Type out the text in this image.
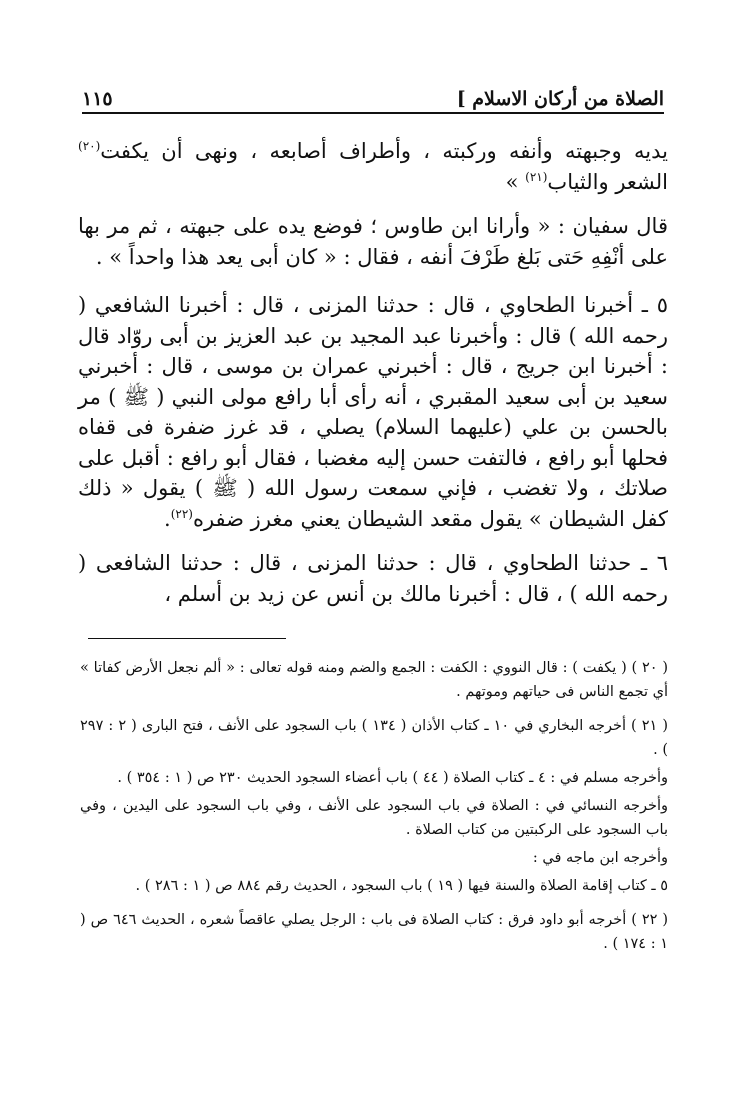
الصلاة من أركان الاسلام ]
١١٥

يديه وجبهته وأنفه وركبته ، وأطراف أصابعه ، ونهى أن يكفت$^{(٢٠)}$ الشعر والثياب$^{(٢١)}$ »

قال سفيان : « وأرانا ابن طاوس ؛ فوضع يده على جبهته ، ثم مر بها على أنْفِهِ حَتى بَلغ طَرْفَ أنفه ، فقال : « كان أبى يعد هذا واحداً » .

٥ ـ أخبرنا الطحاوي ، قال : حدثنا المزنى ، قال : أخبرنا الشافعي ( رحمه الله ) قال : وأخبرنا عبد المجيد بن عبد العزيز بن أبى روّاد قال : أخبرنا ابن جريج ، قال : أخبرني عمران بن موسى ، قال : أخبرني سعيد بن أبى سعيد المقبري ، أنه رأى أبا رافع مولى النبي ( ﷺ ) مر بالحسن بن علي (عليهما السلام) يصلي ، قد غرز ضفرة فى قفاه فحلها أبو رافع ، فالتفت حسن إليه مغضبا ، فقال أبو رافع : أقبل على صلاتك ، ولا تغضب ، فإني سمعت رسول الله ( ﷺ ) يقول « ذلك كفل الشيطان » يقول مقعد الشيطان يعني مغرز ضفره$^{(٢٢)}$.

٦ ـ حدثنا الطحاوي ، قال : حدثنا المزنى ، قال : حدثنا الشافعى ( رحمه الله ) ، قال : أخبرنا مالك بن أنس عن زيد بن أسلم ،

( ٢٠ ) ( يكفت ) : قال النووي : الكفت : الجمع والضم ومنه قوله تعالى : « ألم نجعل الأرض كفاتا » أي تجمع الناس فى حياتهم وموتهم .

( ٢١ ) أخرجه البخاري في ١٠ ـ كتاب الأذان ( ١٣٤ ) باب السجود على الأنف ، فتح البارى ( ٢ : ٢٩٧ ) .

وأخرجه مسلم في : ٤ ـ كتاب الصلاة ( ٤٤ ) باب أعضاء السجود الحديث ٢٣٠ ص ( ١ : ٣٥٤ ) .

وأخرجه النسائي في : الصلاة في باب السجود على الأنف ، وفي باب السجود على اليدين ، وفي باب السجود على الركبتين من كتاب الصلاة .

وأخرجه ابن ماجه في :

٥ ـ كتاب إقامة الصلاة والسنة فيها ( ١٩ ) باب السجود ، الحديث رقم ٨٨٤ ص ( ١ : ٢٨٦ ) .

( ٢٢ ) أخرجه أبو داود فرق : كتاب الصلاة فى باب : الرجل يصلي عاقصاً شعره ، الحديث ٦٤٦ ص ( ١ : ١٧٤ ) .
